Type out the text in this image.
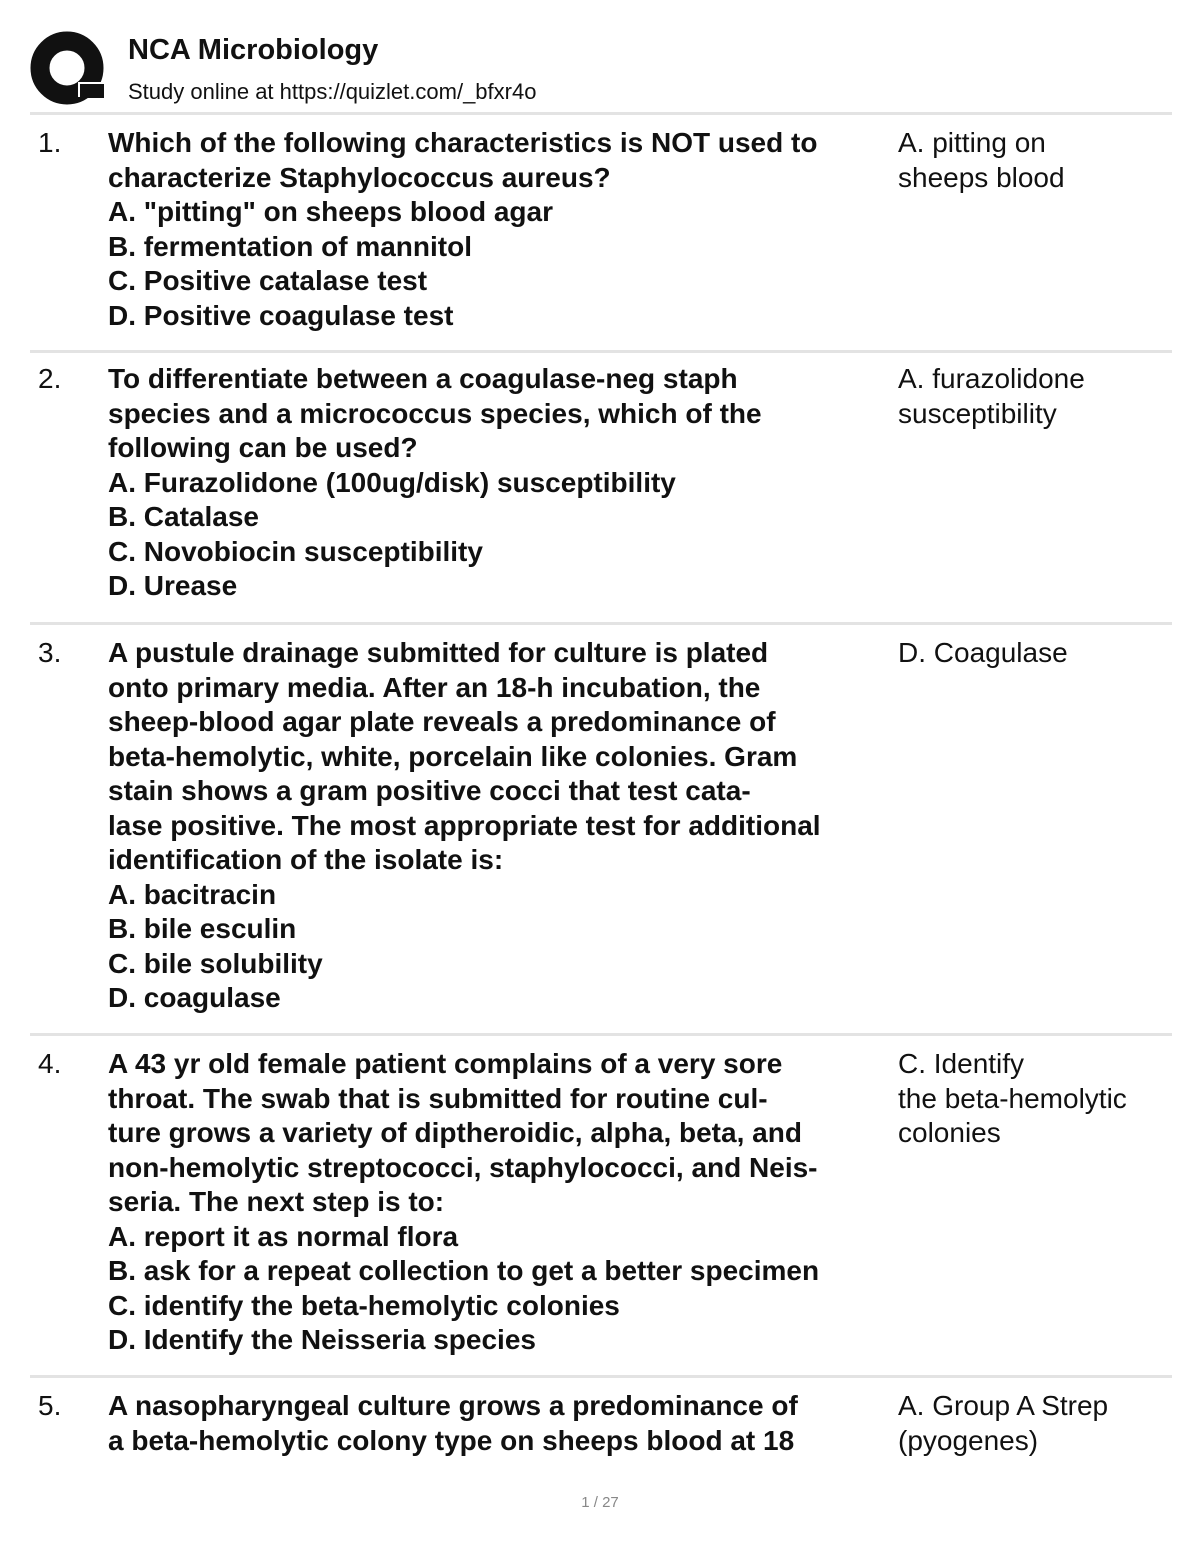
NCA Microbiology
Study online at https://quizlet.com/_bfxr4o
1. Which of the following characteristics is NOT used to
characterize Staphylococcus aureus?
A. "pitting" on sheeps blood agar
B. fermentation of mannitol
C. Positive catalase test
D. Positive coagulase test
A. pitting on
sheeps blood
2. To differentiate between a coagulase-neg staph
species and a micrococcus species, which of the
following can be used?
A. Furazolidone (100ug/disk) susceptibility
B. Catalase
C. Novobiocin susceptibility
D. Urease
A. furazolidone
susceptibility
3. A pustule drainage submitted for culture is plated
onto primary media. After an 18-h incubation, the
sheep-blood agar plate reveals a predominance of
beta-hemolytic, white, porcelain like colonies. Gram
stain shows a gram positive cocci that test cata-
lase positive. The most appropriate test for additional
identification of the isolate is:
A. bacitracin
B. bile esculin
C. bile solubility
D. coagulase
D. Coagulase
4. A 43 yr old female patient complains of a very sore
throat. The swab that is submitted for routine cul-
ture grows a variety of diptheroidic, alpha, beta, and
non-hemolytic streptococci, staphylococci, and Neis-
seria. The next step is to:
A. report it as normal flora
B. ask for a repeat collection to get a better specimen
C. identify the beta-hemolytic colonies
D. Identify the Neisseria species
C. Identify
the beta-hemolytic
colonies
5. A nasopharyngeal culture grows a predominance of
a beta-hemolytic colony type on sheeps blood at 18
A. Group A Strep
(pyogenes)
1 / 27
